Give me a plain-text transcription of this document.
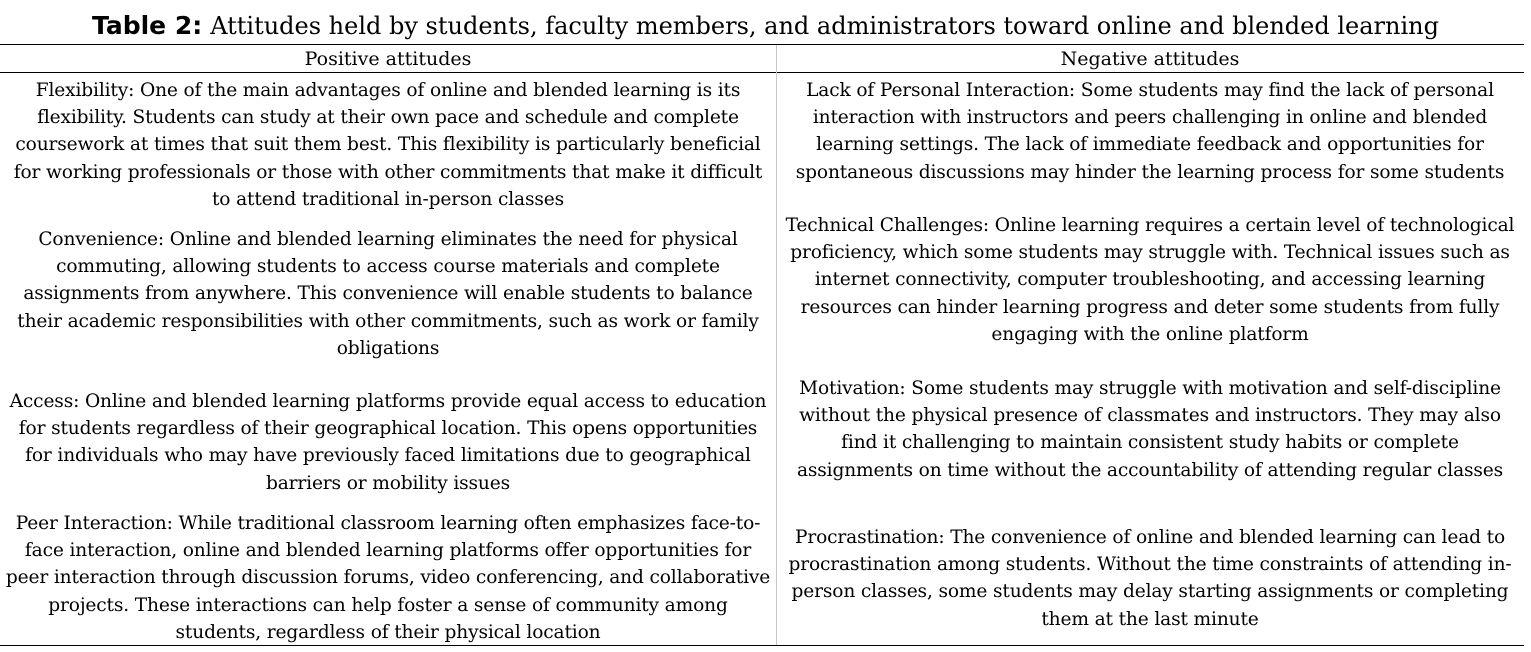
Table 2: Attitudes held by students, faculty members, and administrators toward online and blended learning
Positive attitudes	Negative attitudes
Flexibility: One of the main advantages of online and blended learning is its flexibility. Students can study at their own pace and schedule and complete coursework at times that suit them best. This flexibility is particularly beneficial for working professionals or those with other commitments that make it difficult to attend traditional in-person classes
Convenience: Online and blended learning eliminates the need for physical commuting, allowing students to access course materials and complete assignments from anywhere. This convenience will enable students to balance their academic responsibilities with other commitments, such as work or family obligations
Access: Online and blended learning platforms provide equal access to education for students regardless of their geographical location. This opens opportunities for individuals who may have previously faced limitations due to geographical barriers or mobility issues
Peer Interaction: While traditional classroom learning often emphasizes face-to-face interaction, online and blended learning platforms offer opportunities for peer interaction through discussion forums, video conferencing, and collaborative projects. These interactions can help foster a sense of community among students, regardless of their physical location
Lack of Personal Interaction: Some students may find the lack of personal interaction with instructors and peers challenging in online and blended learning settings. The lack of immediate feedback and opportunities for spontaneous discussions may hinder the learning process for some students
Technical Challenges: Online learning requires a certain level of technological proficiency, which some students may struggle with. Technical issues such as internet connectivity, computer troubleshooting, and accessing learning resources can hinder learning progress and deter some students from fully engaging with the online platform
Motivation: Some students may struggle with motivation and self-discipline without the physical presence of classmates and instructors. They may also find it challenging to maintain consistent study habits or complete assignments on time without the accountability of attending regular classes
Procrastination: The convenience of online and blended learning can lead to procrastination among students. Without the time constraints of attending in-person classes, some students may delay starting assignments or completing them at the last minute
